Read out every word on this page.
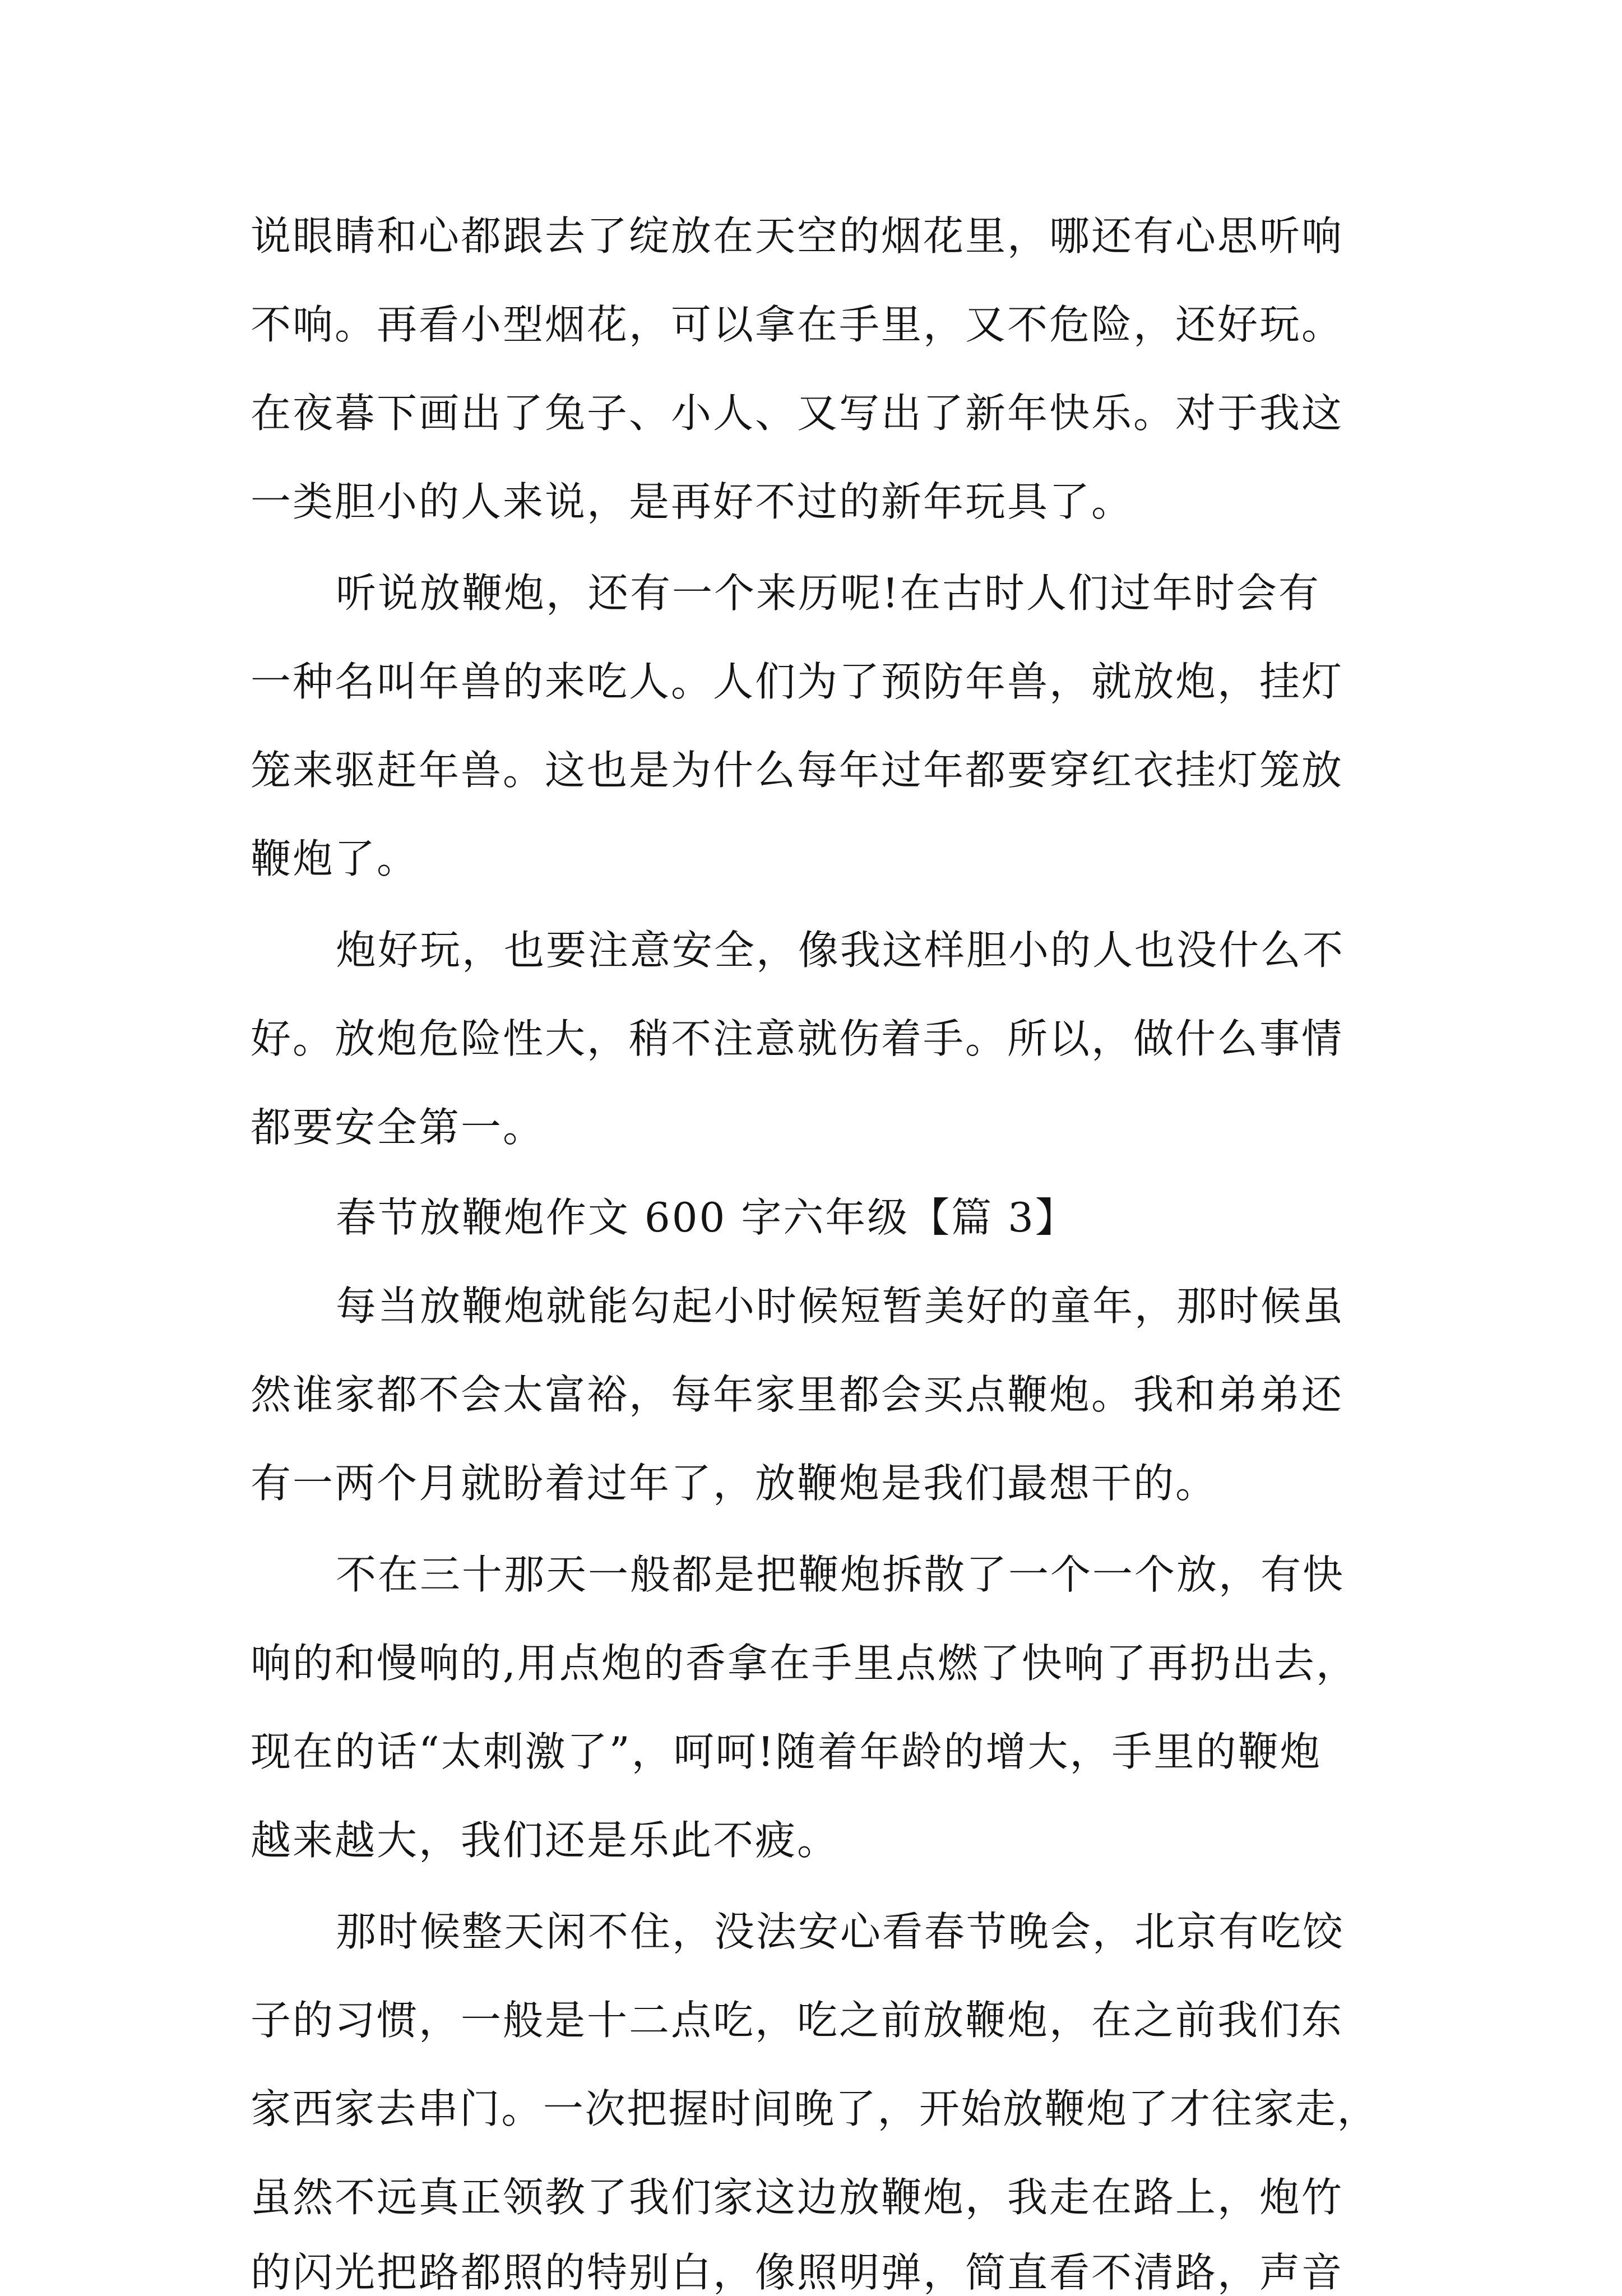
说眼睛和心都跟去了绽放在天空的烟花里，哪还有心思听响
不响。再看小型烟花，可以拿在手里，又不危险，还好玩。
在夜暮下画出了兔子、小人、又写出了新年快乐。对于我这
一类胆小的人来说，是再好不过的新年玩具了。
听说放鞭炮，还有一个来历呢!在古时人们过年时会有
一种名叫年兽的来吃人。人们为了预防年兽，就放炮，挂灯
笼来驱赶年兽。这也是为什么每年过年都要穿红衣挂灯笼放
鞭炮了。
炮好玩，也要注意安全，像我这样胆小的人也没什么不
好。放炮危险性大，稍不注意就伤着手。所以，做什么事情
都要安全第一。
春节放鞭炮作文 600 字六年级【篇 3】
每当放鞭炮就能勾起小时候短暂美好的童年，那时候虽
然谁家都不会太富裕，每年家里都会买点鞭炮。我和弟弟还
有一两个月就盼着过年了，放鞭炮是我们最想干的。
不在三十那天一般都是把鞭炮拆散了一个一个放，有快
响的和慢响的,用点炮的香拿在手里点燃了快响了再扔出去，
现在的话“太刺激了”，呵呵!随着年龄的增大，手里的鞭炮
越来越大，我们还是乐此不疲。
那时候整天闲不住，没法安心看春节晚会，北京有吃饺
子的习惯，一般是十二点吃，吃之前放鞭炮，在之前我们东
家西家去串门。一次把握时间晚了，开始放鞭炮了才往家走，
虽然不远真正领教了我们家这边放鞭炮，我走在路上，炮竹
的闪光把路都照的特别白，像照明弹，简直看不清路，声音
